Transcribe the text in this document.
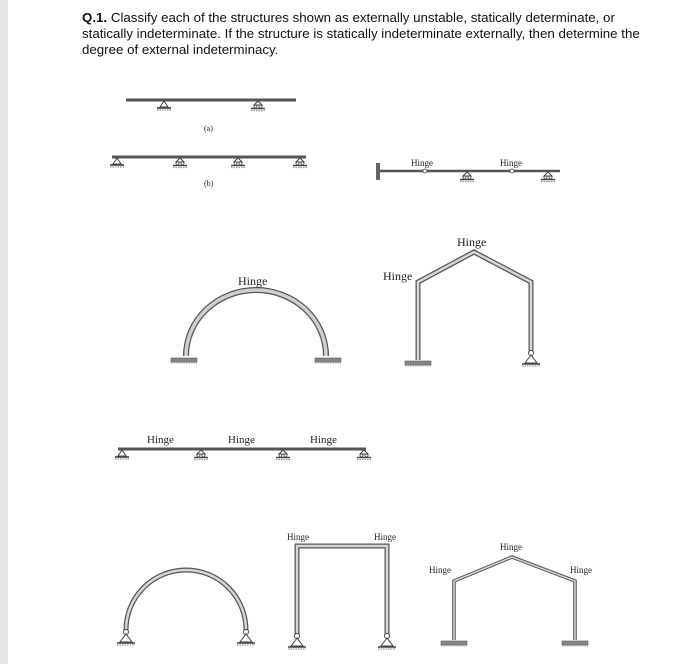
Q.1. Classify each of the structures shown as externally unstable, statically determinate, or statically indeterminate. If the structure is statically indeterminate externally, then determine the degree of external indeterminacy.
(a)
(b)
Hinge	Hinge
Hinge
Hinge
Hinge
Hinge	Hinge	Hinge
Hinge	Hinge
Hinge
Hinge	Hinge
